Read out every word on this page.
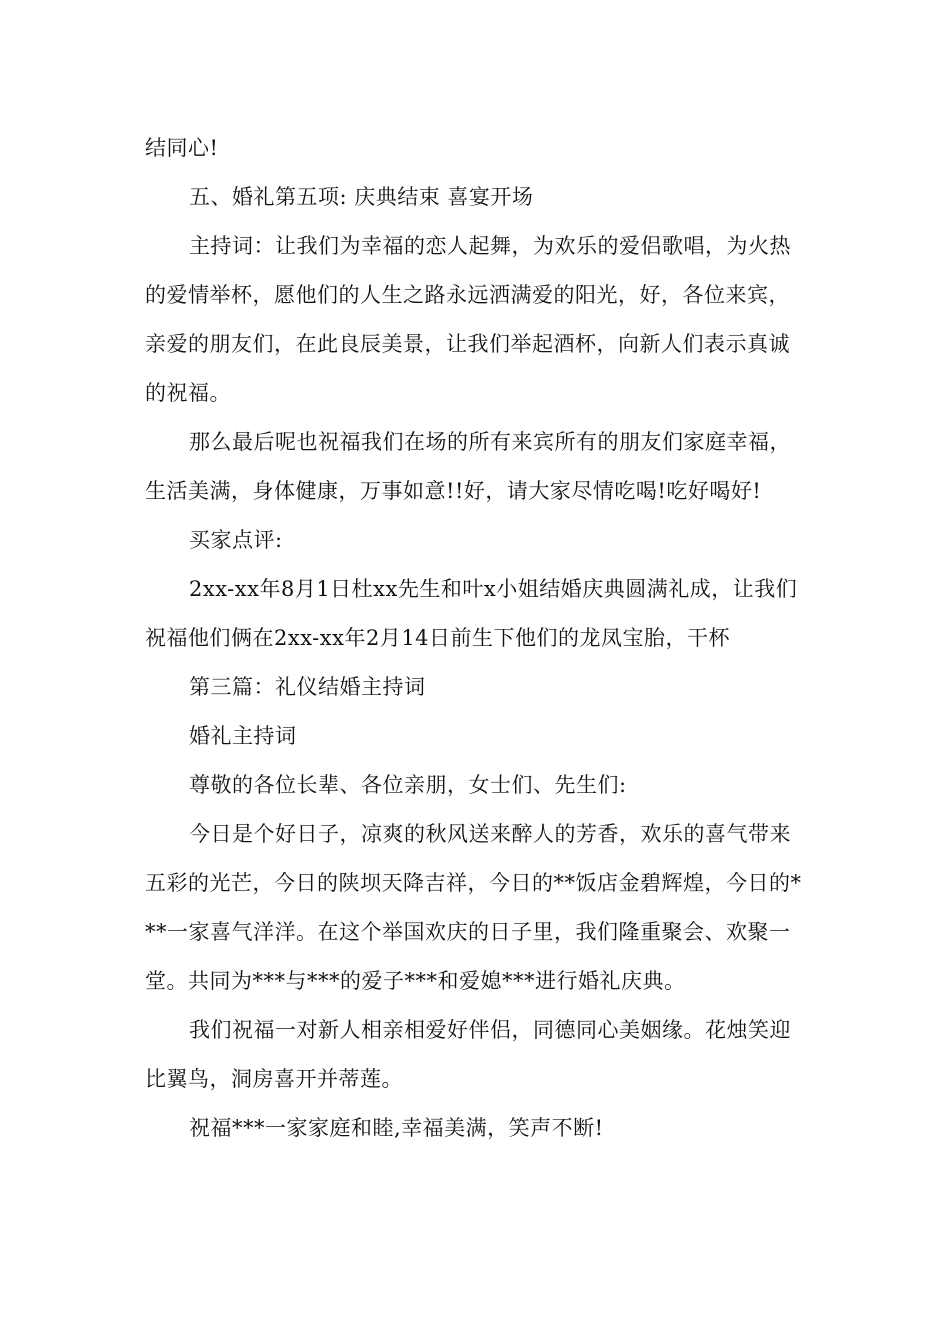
结同心!

五、婚礼第五项: 庆典结束 喜宴开场

主持词：让我们为幸福的恋人起舞，为欢乐的爱侣歌唱，为火热的爱情举杯，愿他们的人生之路永远洒满爱的阳光，好，各位来宾，亲爱的朋友们，在此良辰美景，让我们举起酒杯，向新人们表示真诚的祝福。

那么最后呢也祝福我们在场的所有来宾所有的朋友们家庭幸福，生活美满，身体健康，万事如意!!好，请大家尽情吃喝!吃好喝好!

买家点评:

2xx-xx年8月1日杜xx先生和叶x小姐结婚庆典圆满礼成，让我们祝福他们俩在2xx-xx年2月14日前生下他们的龙凤宝胎，干杯

第三篇：礼仪结婚主持词

婚礼主持词

尊敬的各位长辈、各位亲朋，女士们、先生们:

今日是个好日子，凉爽的秋风送来醉人的芳香，欢乐的喜气带来五彩的光芒，今日的陕坝天降吉祥，今日的**饭店金碧辉煌，今日的***一家喜气洋洋。在这个举国欢庆的日子里，我们隆重聚会、欢聚一堂。共同为***与***的爱子***和爱媳***进行婚礼庆典。

我们祝福一对新人相亲相爱好伴侣，同德同心美姻缘。花烛笑迎比翼鸟，洞房喜开并蒂莲。

祝福***一家家庭和睦,幸福美满，笑声不断!
